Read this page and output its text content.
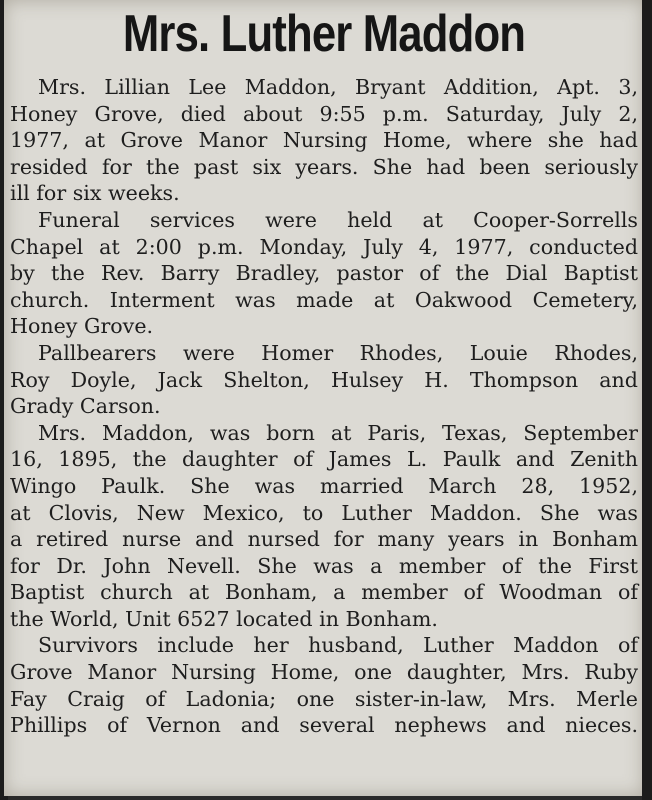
Mrs. Luther Maddon
Mrs. Lillian Lee Maddon, Bryant Addition, Apt. 3,
Honey Grove, died about 9:55 p.m. Saturday, July 2,
1977, at Grove Manor Nursing Home, where she had
resided for the past six years. She had been seriously
ill for six weeks.
Funeral services were held at Cooper-Sorrells
Chapel at 2:00 p.m. Monday, July 4, 1977, conducted
by the Rev. Barry Bradley, pastor of the Dial Baptist
church. Interment was made at Oakwood Cemetery,
Honey Grove.
Pallbearers were Homer Rhodes, Louie Rhodes,
Roy Doyle, Jack Shelton, Hulsey H. Thompson and
Grady Carson.
Mrs. Maddon, was born at Paris, Texas, September
16, 1895, the daughter of James L. Paulk and Zenith
Wingo Paulk. She was married March 28, 1952,
at Clovis, New Mexico, to Luther Maddon. She was
a retired nurse and nursed for many years in Bonham
for Dr. John Nevell. She was a member of the First
Baptist church at Bonham, a member of Woodman of
the World, Unit 6527 located in Bonham.
Survivors include her husband, Luther Maddon of
Grove Manor Nursing Home, one daughter, Mrs. Ruby
Fay Craig of Ladonia; one sister-in-law, Mrs. Merle
Phillips of Vernon and several nephews and nieces.
